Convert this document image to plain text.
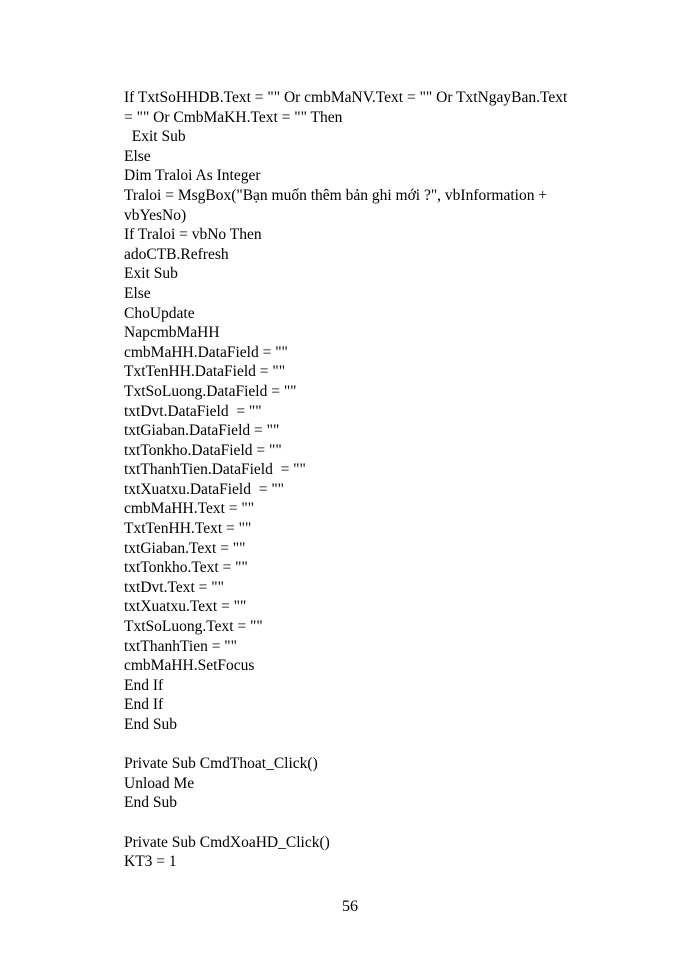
If TxtSoHHDB.Text = "" Or cmbMaNV.Text = "" Or TxtNgayBan.Text
= "" Or CmbMaKH.Text = "" Then
Exit Sub
Else
Dim Traloi As Integer
Traloi = MsgBox("Bạn muốn thêm bản ghi mới ?", vbInformation +
vbYesNo)
If Traloi = vbNo Then
adoCTB.Refresh
Exit Sub
Else
ChoUpdate
NapcmbMaHH
cmbMaHH.DataField = ""
TxtTenHH.DataField = ""
TxtSoLuong.DataField = ""
txtDvt.DataField  = ""
txtGiaban.DataField = ""
txtTonkho.DataField = ""
txtThanhTien.DataField  = ""
txtXuatxu.DataField  = ""
cmbMaHH.Text = ""
TxtTenHH.Text = ""
txtGiaban.Text = ""
txtTonkho.Text = ""
txtDvt.Text = ""
txtXuatxu.Text = ""
TxtSoLuong.Text = ""
txtThanhTien = ""
cmbMaHH.SetFocus
End If
End If
End Sub
Private Sub CmdThoat_Click()
Unload Me
End Sub
Private Sub CmdXoaHD_Click()
KT3 = 1
56
